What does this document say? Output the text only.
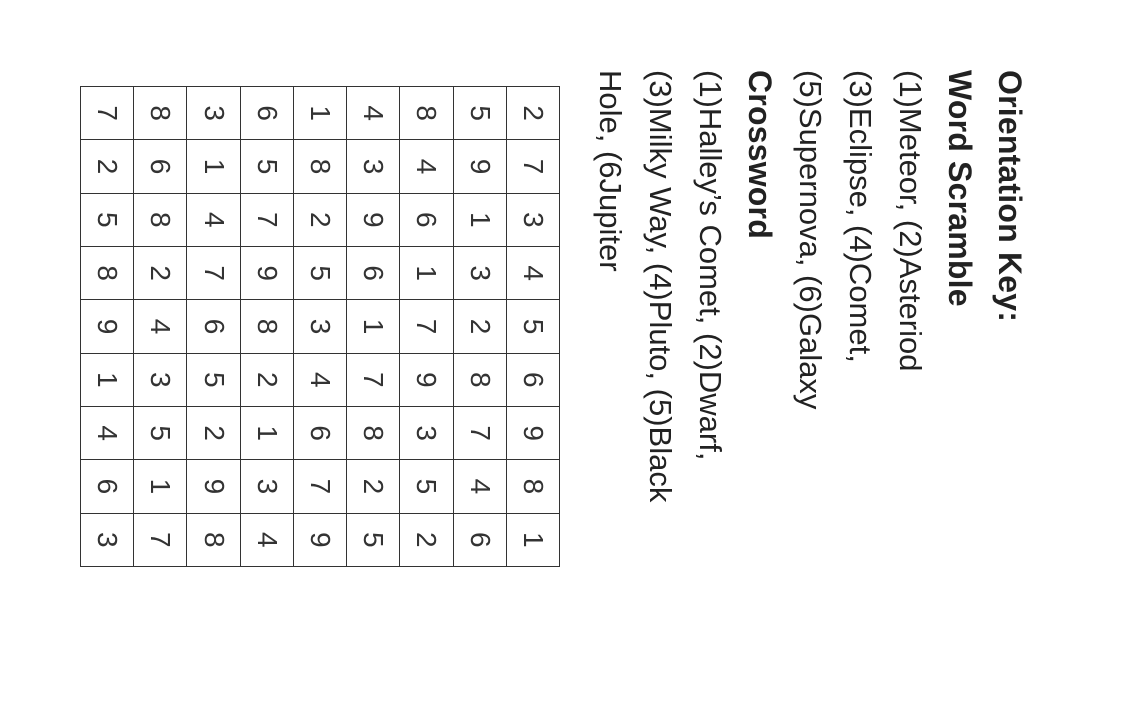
Orientation Key:
Word Scramble
(1)Meteor, (2)Asteriod
(3)Eclipse, (4)Comet,
(5)Supernova, (6)Galaxy
Crossword
(1)Halley’s Comet, (2)Dwarf,
(3)Milky Way, (4)Pluto, (5)Black
Hole, (6Jupiter
2	7	3	4	5	6	9	8	1
5	9	1	3	2	8	7	4	6
8	4	6	1	7	9	3	5	2
4	3	9	6	1	7	8	2	5
1	8	2	5	3	4	6	7	9
6	5	7	9	8	2	1	3	4
3	1	4	7	6	5	2	9	8
8	6	8	2	4	3	5	1	7
7	2	5	8	9	1	4	6	3
